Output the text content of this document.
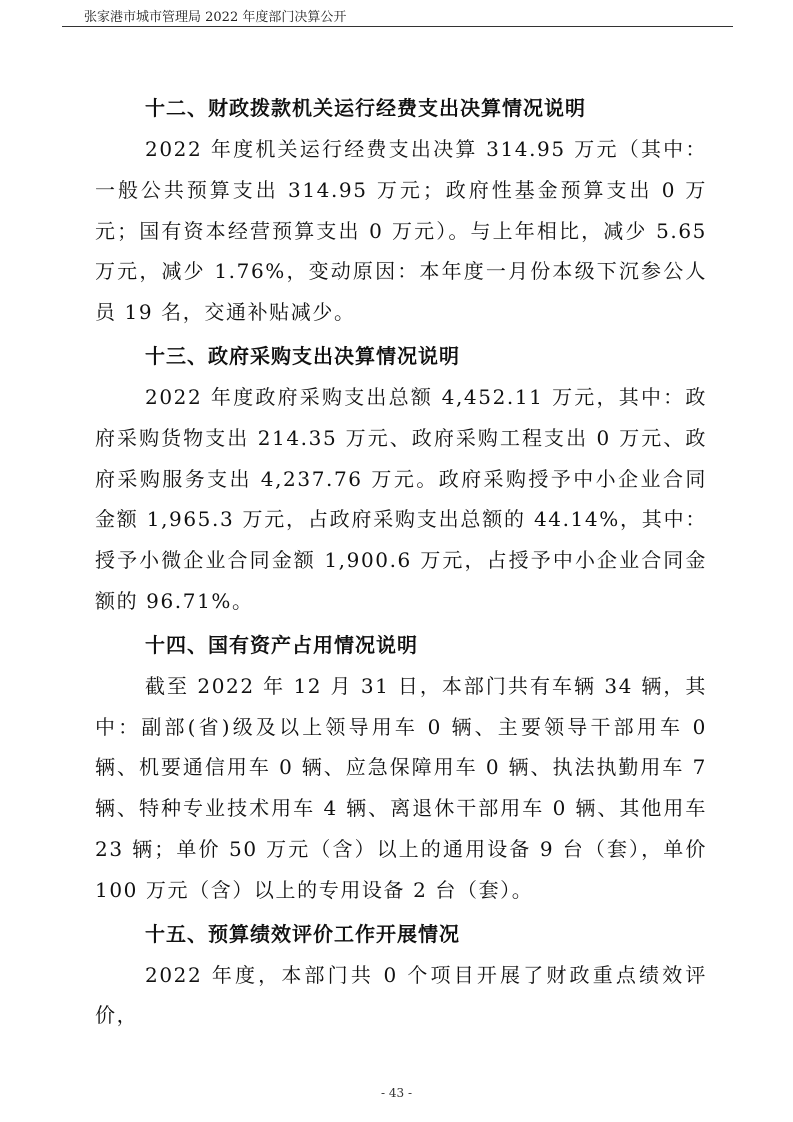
张家港市城市管理局 2022 年度部门决算公开

十二、财政拨款机关运行经费支出决算情况说明

2022 年度机关运行经费支出决算 314.95 万元（其中：一般公共预算支出 314.95 万元；政府性基金预算支出 0 万元；国有资本经营预算支出 0 万元）。与上年相比，减少 5.65 万元，减少 1.76%，变动原因：本年度一月份本级下沉参公人员 19 名，交通补贴减少。

十三、政府采购支出决算情况说明

2022 年度政府采购支出总额 4,452.11 万元，其中：政府采购货物支出 214.35 万元、政府采购工程支出 0 万元、政府采购服务支出 4,237.76 万元。政府采购授予中小企业合同金额 1,965.3 万元，占政府采购支出总额的 44.14%，其中：授予小微企业合同金额 1,900.6 万元，占授予中小企业合同金额的 96.71%。

十四、国有资产占用情况说明

截至 2022 年 12 月 31 日，本部门共有车辆 34 辆，其中：副部(省)级及以上领导用车 0 辆、主要领导干部用车 0 辆、机要通信用车 0 辆、应急保障用车 0 辆、执法执勤用车 7 辆、特种专业技术用车 4 辆、离退休干部用车 0 辆、其他用车 23 辆；单价 50 万元（含）以上的通用设备 9 台（套），单价 100 万元（含）以上的专用设备 2 台（套）。

十五、预算绩效评价工作开展情况

2022 年度，本部门共 0 个项目开展了财政重点绩效评价，

- 43 -
